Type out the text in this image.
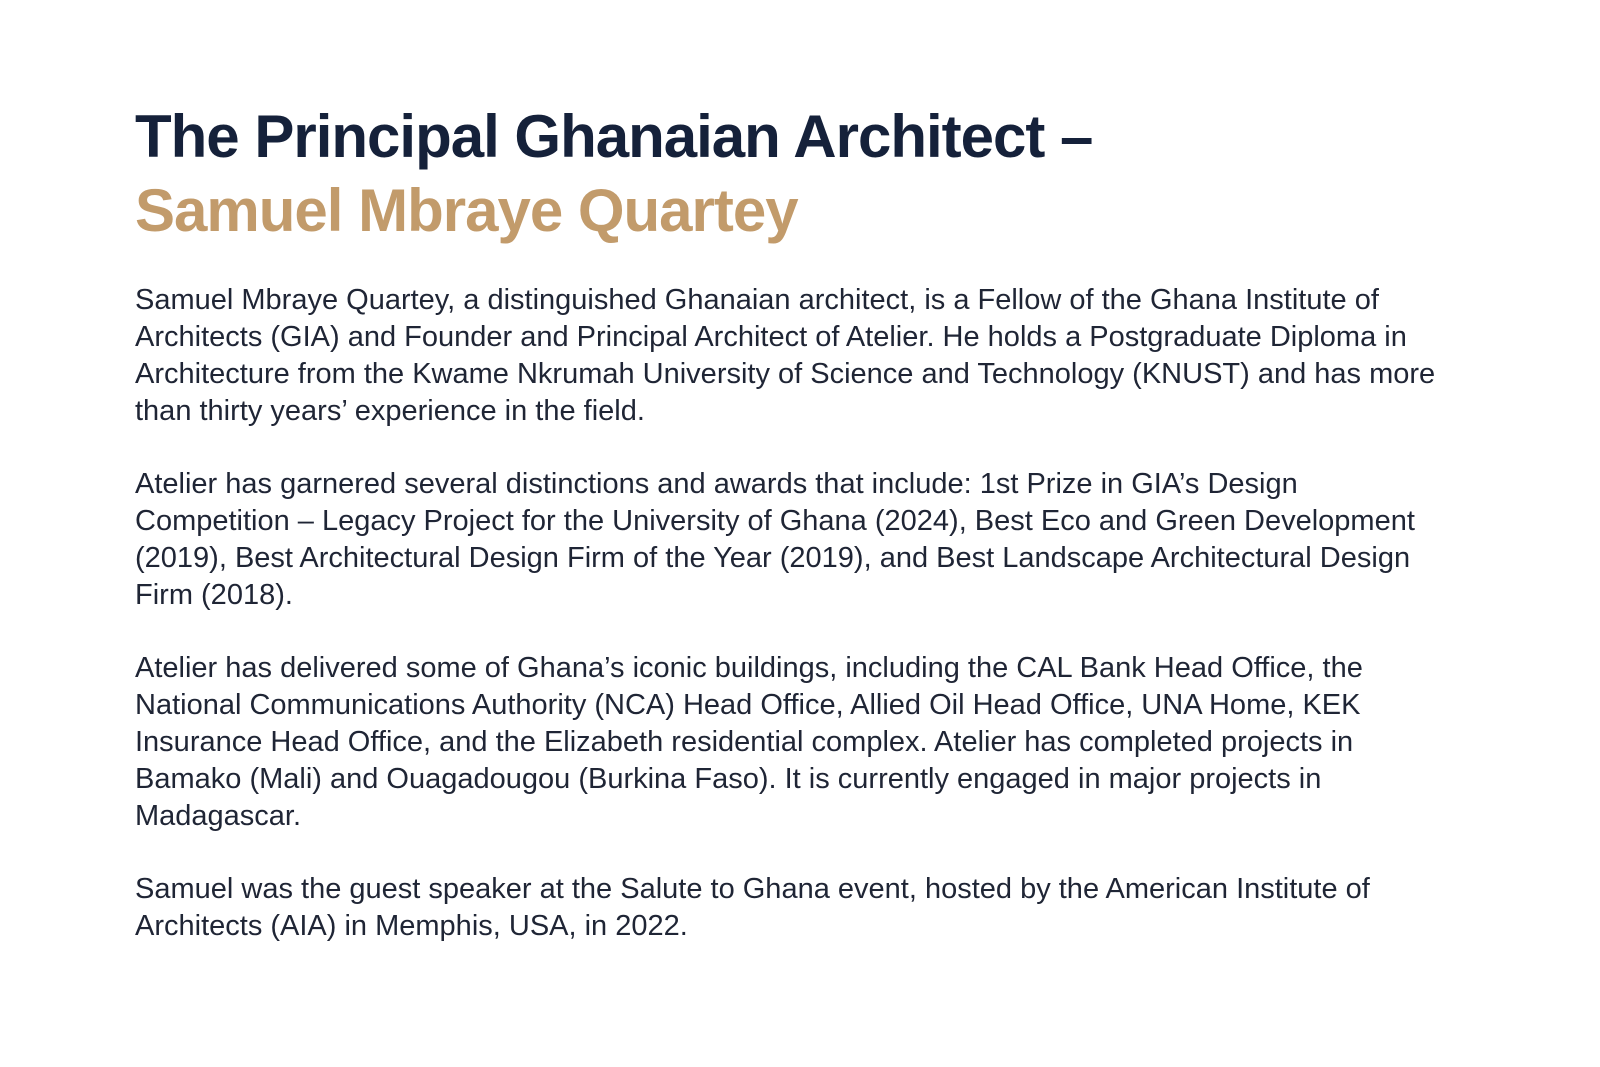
The Principal Ghanaian Architect –
Samuel Mbraye Quartey

Samuel Mbraye Quartey, a distinguished Ghanaian architect, is a Fellow of the Ghana Institute of Architects (GIA) and Founder and Principal Architect of Atelier. He holds a Postgraduate Diploma in Architecture from the Kwame Nkrumah University of Science and Technology (KNUST) and has more than thirty years’ experience in the field.

Atelier has garnered several distinctions and awards that include: 1st Prize in GIA’s Design Competition – Legacy Project for the University of Ghana (2024), Best Eco and Green Development (2019), Best Architectural Design Firm of the Year (2019), and Best Landscape Architectural Design Firm (2018).

Atelier has delivered some of Ghana’s iconic buildings, including the CAL Bank Head Office, the National Communications Authority (NCA) Head Office, Allied Oil Head Office, UNA Home, KEK Insurance Head Office, and the Elizabeth residential complex. Atelier has completed projects in Bamako (Mali) and Ouagadougou (Burkina Faso). It is currently engaged in major projects in Madagascar.

Samuel was the guest speaker at the Salute to Ghana event, hosted by the American Institute of Architects (AIA) in Memphis, USA, in 2022.
